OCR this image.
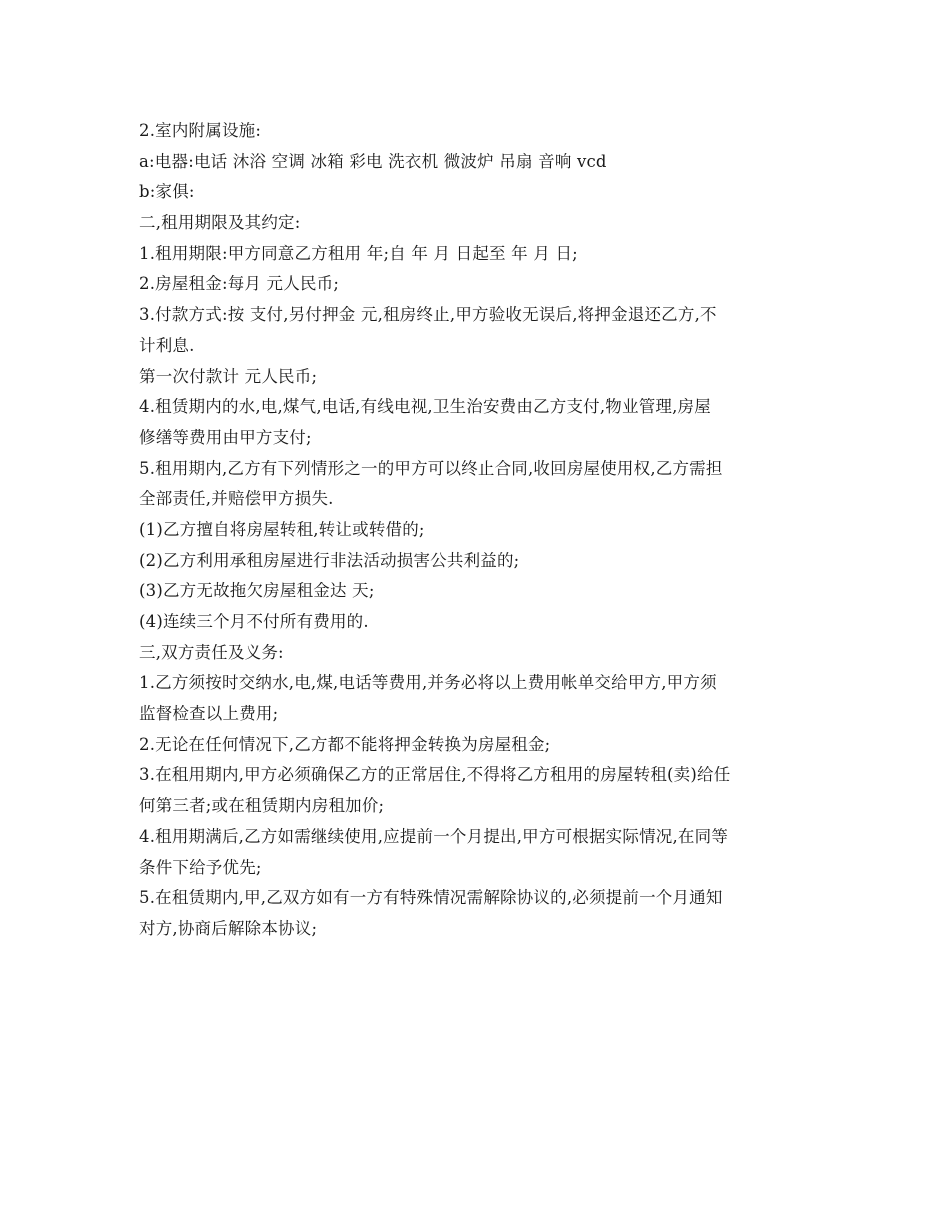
2.室内附属设施:
a:电器:电话 沐浴 空调 冰箱 彩电 洗衣机 微波炉 吊扇 音响 vcd
b:家俱:
二,租用期限及其约定:
1.租用期限:甲方同意乙方租用 年;自 年 月 日起至 年 月 日;
2.房屋租金:每月 元人民币;
3.付款方式:按 支付,另付押金 元,租房终止,甲方验收无误后,将押金退还乙方,不
计利息.
第一次付款计 元人民币;
4.租赁期内的水,电,煤气,电话,有线电视,卫生治安费由乙方支付,物业管理,房屋
修缮等费用由甲方支付;
5.租用期内,乙方有下列情形之一的甲方可以终止合同,收回房屋使用权,乙方需担
全部责任,并赔偿甲方损失.
(1)乙方擅自将房屋转租,转让或转借的;
(2)乙方利用承租房屋进行非法活动损害公共利益的;
(3)乙方无故拖欠房屋租金达 天;
(4)连续三个月不付所有费用的.
三,双方责任及义务:
1.乙方须按时交纳水,电,煤,电话等费用,并务必将以上费用帐单交给甲方,甲方须
监督检查以上费用;
2.无论在任何情况下,乙方都不能将押金转换为房屋租金;
3.在租用期内,甲方必须确保乙方的正常居住,不得将乙方租用的房屋转租(卖)给任
何第三者;或在租赁期内房租加价;
4.租用期满后,乙方如需继续使用,应提前一个月提出,甲方可根据实际情况,在同等
条件下给予优先;
5.在租赁期内,甲,乙双方如有一方有特殊情况需解除协议的,必须提前一个月通知
对方,协商后解除本协议;
